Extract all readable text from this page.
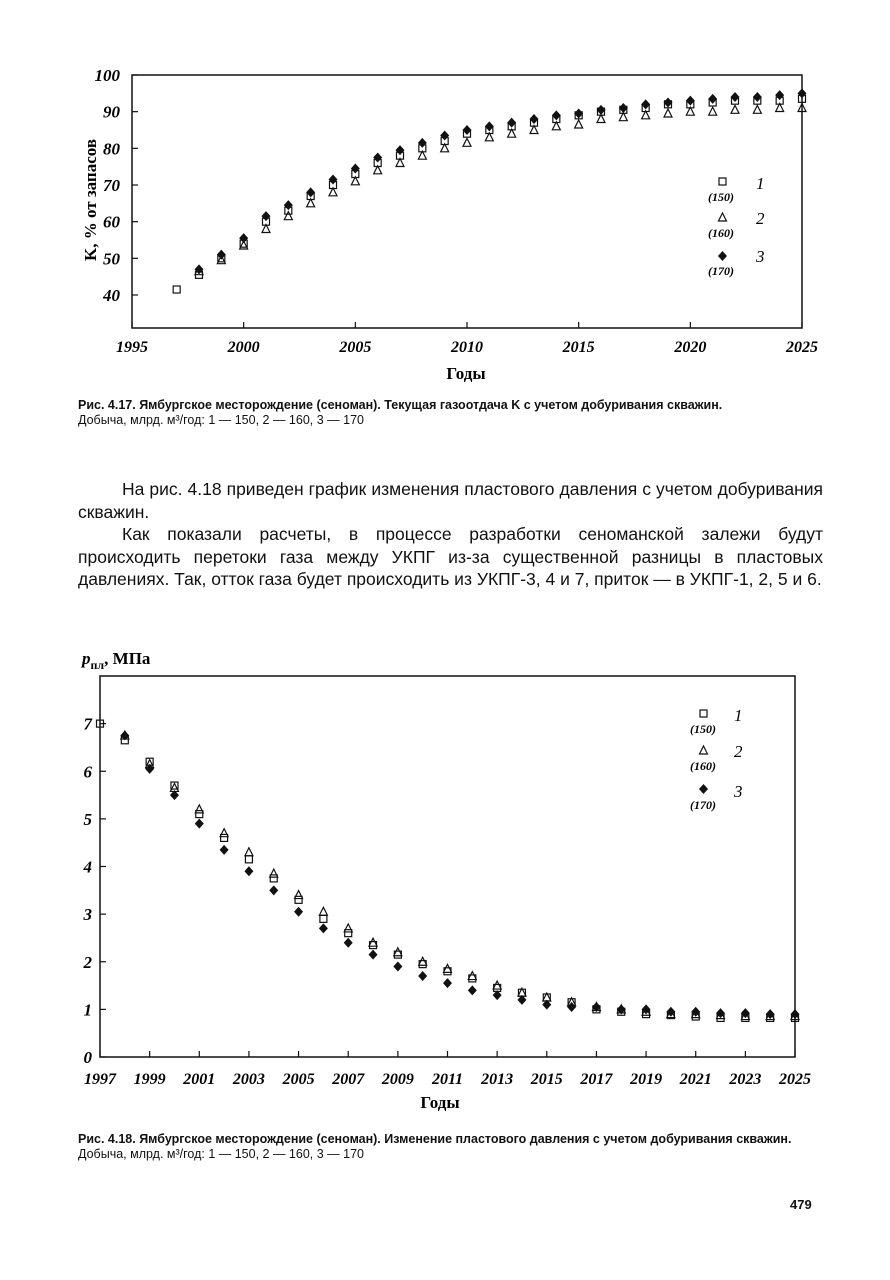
40
50
60
70
80
90
100
1995	2000	2005	2010	2015	2020	2025
K, % от запасов
Годы
1
(150)
2
(160)
3
(170)
0
1
2
3
4
5
6
7
1997 1999 2001 2003 2005 2007 2009 2011 2013 2015 2017 2019 2021 2023 2025
$p_{пл}$, МПа
Годы
1
(150)
2
(160)
3
(170)
Рис. 4.17. Ямбургское месторождение (сеноман). Текущая газоотдача K с учетом добуривания скважин.
Добыча, млрд. м³/год: 1 — 150, 2 — 160, 3 — 170

На рис. 4.18 приведен график изменения пластового давления с учетом добуривания скважин.

Как показали расчеты, в процессе разработки сеноманской залежи будут происходить перетоки газа между УКПГ из-за существенной разницы в пластовых давлениях. Так, отток газа будет происходить из УКПГ-3, 4 и 7, приток — в УКПГ-1, 2, 5 и 6.

Рис. 4.18. Ямбургское месторождение (сеноман). Изменение пластового давления с учетом добуривания скважин.
Добыча, млрд. м³/год: 1 — 150, 2 — 160, 3 — 170
479
